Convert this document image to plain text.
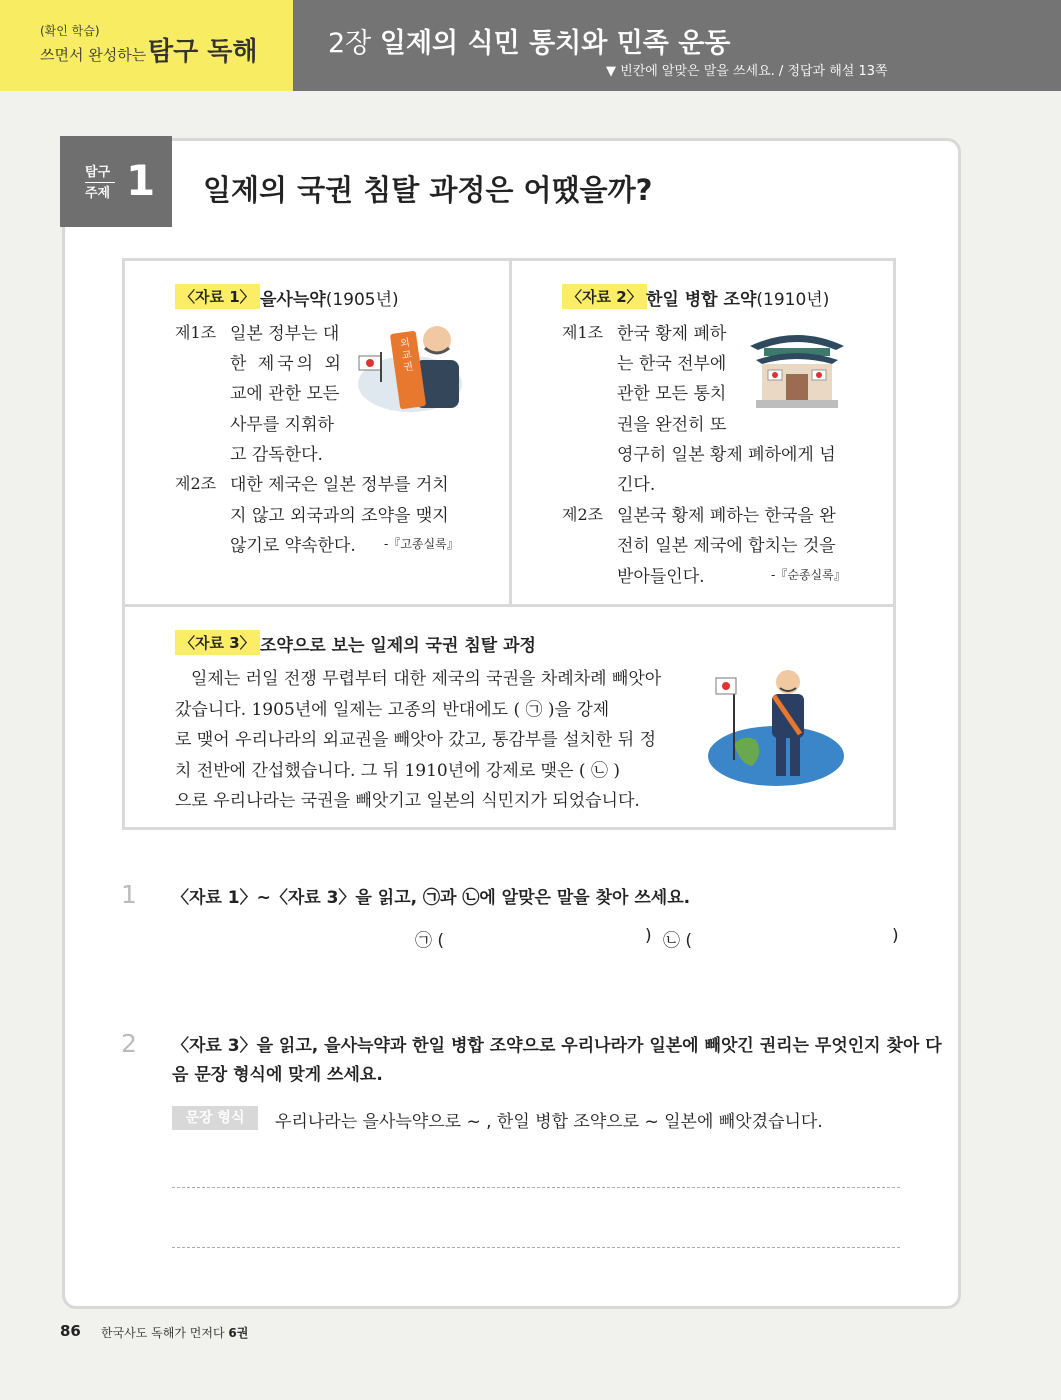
(확인 학습)
쓰면서 완성하는 탐구 독해	2장 일제의 식민 통치와 민족 운동
▼ 빈칸에 알맞은 말을 쓰세요. / 정답과 해설 13쪽
탐구
주제 1 일제의 국권 침탈 과정은 어땠을까?
〈자료 1〉 을사늑약(1905년)
제1조 일본 정부는 대
한 제국의 외
교에 관한 모든
사무를 지휘하
고 감독한다.
제2조 대한 제국은 일본 정부를 거치
지 않고 외국과의 조약을 맺지
않기로 약속한다. -『고종실록』
외교권
〈자료 2〉 한일 병합 조약(1910년)
제1조 한국 황제 폐하
는 한국 전부에
관한 모든 통치
권을 완전히 또
영구히 일본 황제 폐하에게 넘
긴다.
제2조 일본국 황제 폐하는 한국을 완
전히 일본 제국에 합치는 것을
받아들인다.	-『순종실록』
〈자료 3〉 조약으로 보는 일제의 국권 침탈 과정
일제는 러일 전쟁 무렵부터 대한 제국의 국권을 차례차례 빼앗아
갔습니다. 1905년에 일제는 고종의 반대에도 ( ㉠ )을 강제
로 맺어 우리나라의 외교권을 빼앗아 갔고, 통감부를 설치한 뒤 정
치 전반에 간섭했습니다. 그 뒤 1910년에 강제로 맺은 ( ㉡ )
으로 우리나라는 국권을 빼앗기고 일본의 식민지가 되었습니다.
1 〈자료 1〉~〈자료 3〉을 읽고, ㉠과 ㉡에 알맞은 말을 찾아 쓰세요.
㉠ (	) ㉡ (	)
2 〈자료 3〉을 읽고, 을사늑약과 한일 병합 조약으로 우리나라가 일본에 빼앗긴 권리는 무엇인지 찾아 다
음 문장 형식에 맞게 쓰세요.
문장 형식	우리나라는 을사늑약으로 ~ , 한일 병합 조약으로 ~ 일본에 빼앗겼습니다.
86 한국사도 독해가 먼저다 6권
